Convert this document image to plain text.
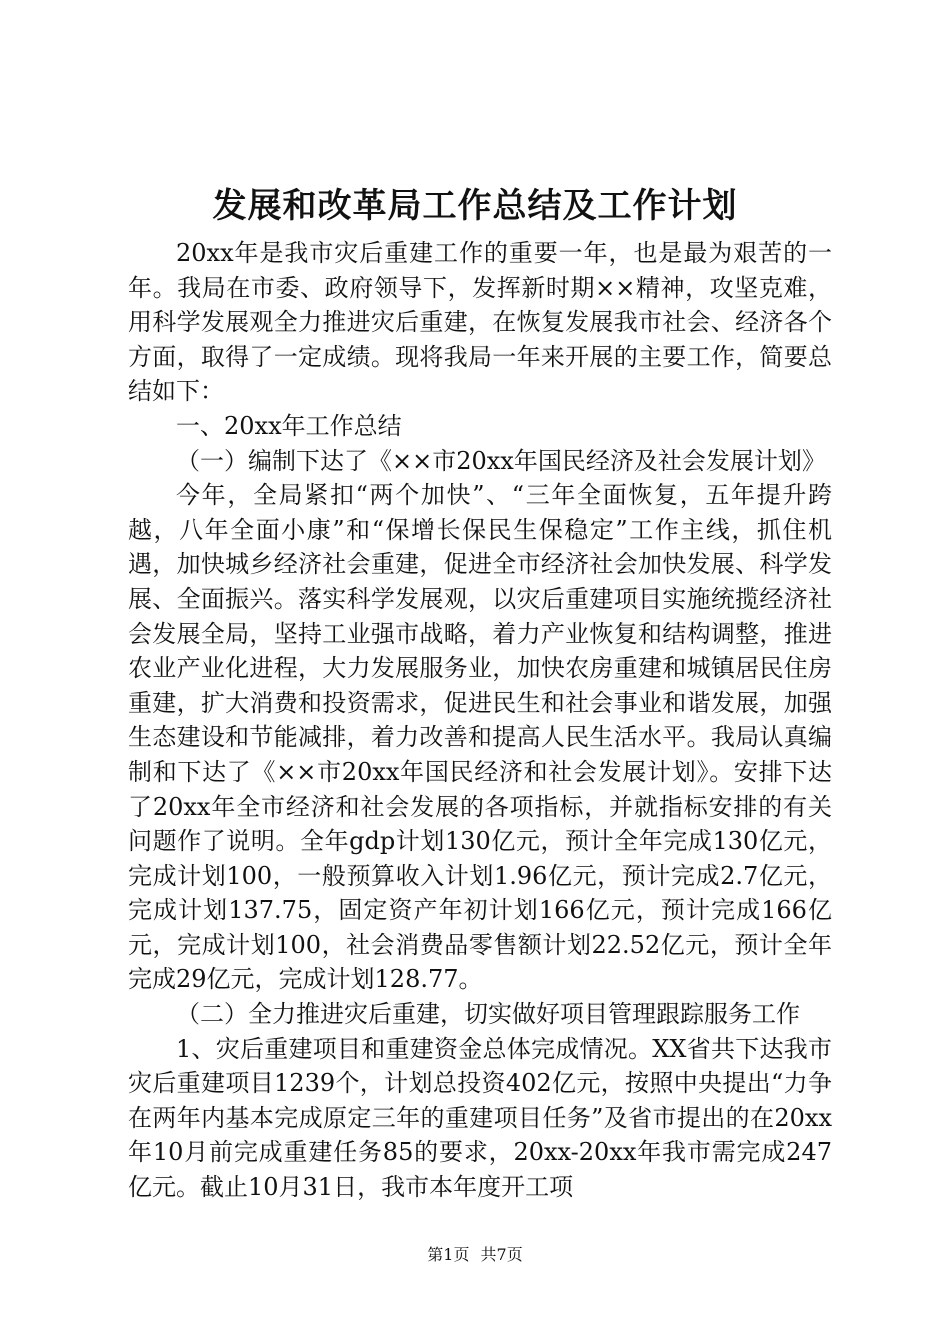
发展和改革局工作总结及工作计划

20xx年是我市灾后重建工作的重要一年，也是最为艰苦的一年。我局在市委、政府领导下，发挥新时期××精神，攻坚克难，用科学发展观全力推进灾后重建，在恢复发展我市社会、经济各个方面，取得了一定成绩。现将我局一年来开展的主要工作，简要总结如下：

一、20xx年工作总结

（一）编制下达了《××市20xx年国民经济及社会发展计划》

今年，全局紧扣“两个加快”、“三年全面恢复，五年提升跨越，八年全面小康”和“保增长保民生保稳定”工作主线，抓住机遇，加快城乡经济社会重建，促进全市经济社会加快发展、科学发展、全面振兴。落实科学发展观，以灾后重建项目实施统揽经济社会发展全局，坚持工业强市战略，着力产业恢复和结构调整，推进农业产业化进程，大力发展服务业，加快农房重建和城镇居民住房重建，扩大消费和投资需求，促进民生和社会事业和谐发展，加强生态建设和节能减排，着力改善和提高人民生活水平。我局认真编制和下达了《××市20xx年国民经济和社会发展计划》。安排下达了20xx年全市经济和社会发展的各项指标，并就指标安排的有关问题作了说明。全年gdp计划130亿元，预计全年完成130亿元，完成计划100，一般预算收入计划1.96亿元，预计完成2.7亿元，完成计划137.75，固定资产年初计划166亿元，预计完成166亿元，完成计划100，社会消费品零售额计划22.52亿元，预计全年完成29亿元，完成计划128.77。

（二）全力推进灾后重建，切实做好项目管理跟踪服务工作

1、灾后重建项目和重建资金总体完成情况。XX省共下达我市灾后重建项目1239个，计划总投资402亿元，按照中央提出“力争在两年内基本完成原定三年的重建项目任务”及省市提出的在20xx年10月前完成重建任务85的要求，20xx-20xx年我市需完成247亿元。截止10月31日，我市本年度开工项

第1页 共7页
